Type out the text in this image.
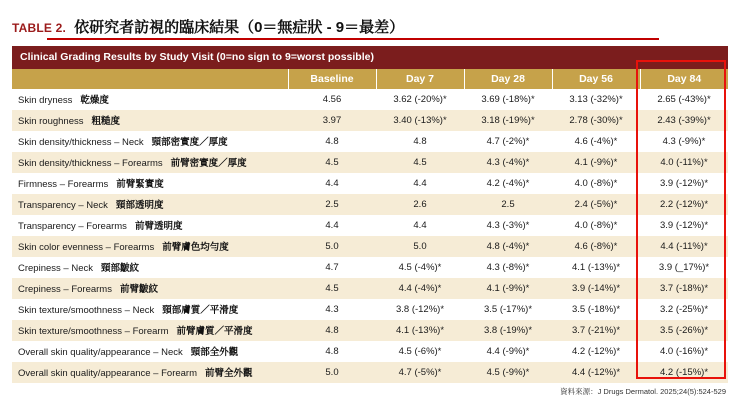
TABLE 2. 依研究者訪視的臨床結果（0＝無症狀 - 9＝最差）
Clinical Grading Results by Study Visit (0=no sign to 9=worst possible)
	Baseline	Day 7	Day 28	Day 56	Day 84
Skin dryness 乾燥度	4.56	3.62 (-20%)*	3.69 (-18%)*	3.13 (-32%)*	2.65 (-43%)*
Skin roughness 粗糙度	3.97	3.40 (-13%)*	3.18 (-19%)*	2.78 (-30%)*	2.43 (-39%)*
Skin density/thickness – Neck 頸部密實度／厚度	4.8	4.8	4.7 (-2%)*	4.6 (-4%)*	4.3 (-9%)*
Skin density/thickness – Forearms 前臂密實度／厚度	4.5	4.5	4.3 (-4%)*	4.1 (-9%)*	4.0 (-11%)*
Firmness – Forearms 前臂緊實度	4.4	4.4	4.2 (-4%)*	4.0 (-8%)*	3.9 (-12%)*
Transparency – Neck 頸部透明度	2.5	2.6	2.5	2.4 (-5%)*	2.2 (-12%)*
Transparency – Forearms 前臂透明度	4.4	4.4	4.3 (-3%)*	4.0 (-8%)*	3.9 (-12%)*
Skin color evenness – Forearms 前臂膚色均勻度	5.0	5.0	4.8 (-4%)*	4.6 (-8%)*	4.4 (-11%)*
Crepiness – Neck 頸部皺紋	4.7	4.5 (-4%)*	4.3 (-8%)*	4.1 (-13%)*	3.9 (_17%)*
Crepiness – Forearms 前臂皺紋	4.5	4.4 (-4%)*	4.1 (-9%)*	3.9 (-14%)*	3.7 (-18%)*
Skin texture/smoothness – Neck 頸部膚質／平滑度	4.3	3.8 (-12%)*	3.5 (-17%)*	3.5 (-18%)*	3.2 (-25%)*
Skin texture/smoothness – Forearm 前臂膚質／平滑度	4.8	4.1 (-13%)*	3.8 (-19%)*	3.7 (-21%)*	3.5 (-26%)*
Overall skin quality/appearance – Neck 頸部全外觀	4.8	4.5 (-6%)*	4.4 (-9%)*	4.2 (-12%)*	4.0 (-16%)*
Overall skin quality/appearance – Forearm 前臂全外觀	5.0	4.7 (-5%)*	4.5 (-9%)*	4.4 (-12%)*	4.2 (-15%)*
資料來源：J Drugs Dermatol. 2025;24(5):524-529
